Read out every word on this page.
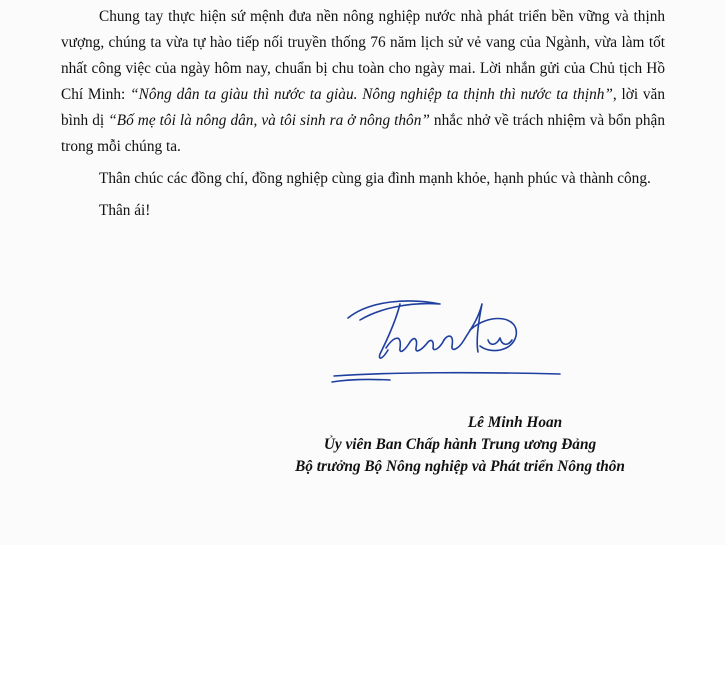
Chung tay thực hiện sứ mệnh đưa nền nông nghiệp nước nhà phát triển bền vững và thịnh vượng, chúng ta vừa tự hào tiếp nối truyền thống 76 năm lịch sử vẻ vang của Ngành, vừa làm tốt nhất công việc của ngày hôm nay, chuẩn bị chu toàn cho ngày mai. Lời nhắn gửi của Chủ tịch Hồ Chí Minh: “Nông dân ta giàu thì nước ta giàu. Nông nghiệp ta thịnh thì nước ta thịnh”, lời văn bình dị “Bố mẹ tôi là nông dân, và tôi sinh ra ở nông thôn” nhắc nhở về trách nhiệm và bổn phận trong mỗi chúng ta.

Thân chúc các đồng chí, đồng nghiệp cùng gia đình mạnh khỏe, hạnh phúc và thành công.

Thân ái!

Lê Minh Hoan
Ủy viên Ban Chấp hành Trung ương Đảng
Bộ trưởng Bộ Nông nghiệp và Phát triển Nông thôn
